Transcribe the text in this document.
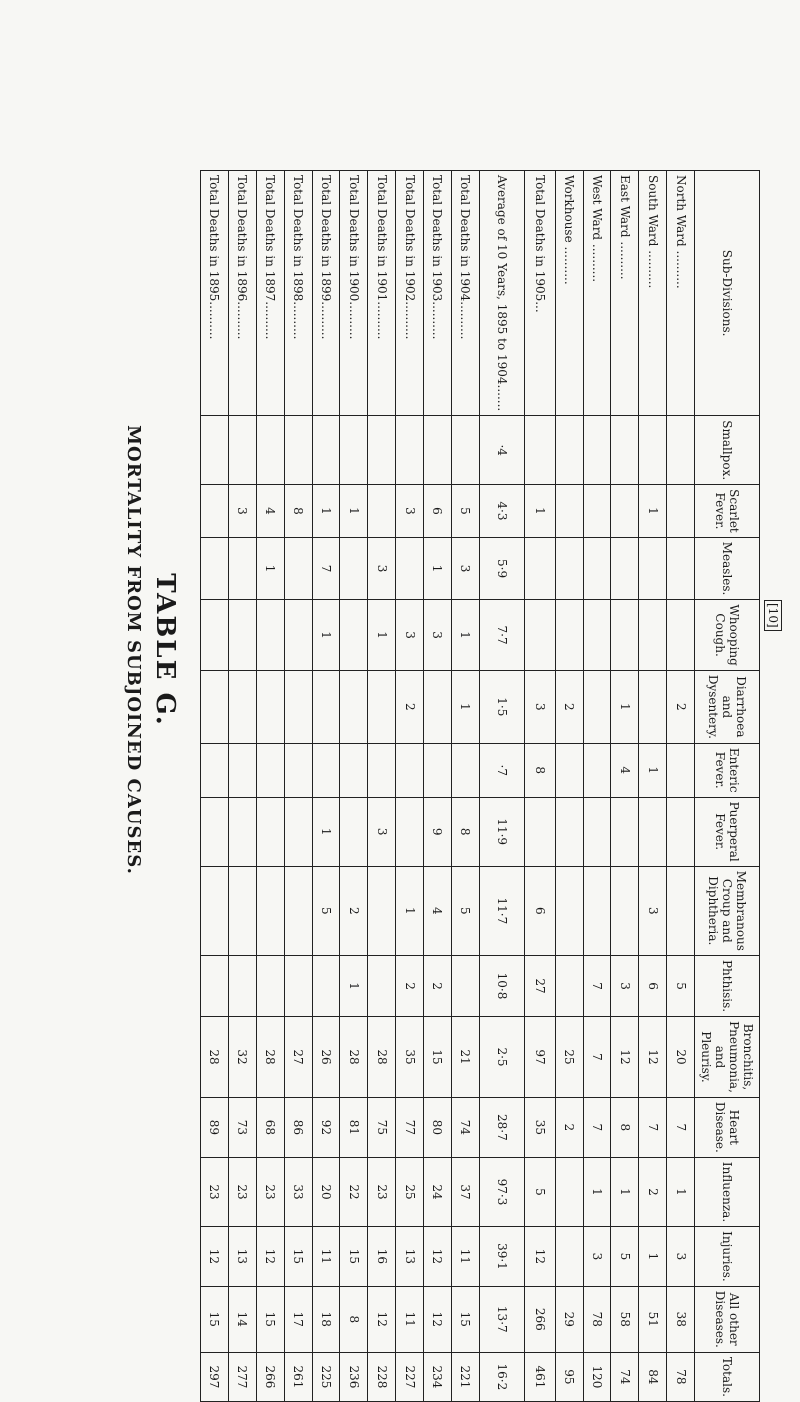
TABLE G.
MORTALITY FROM SUBJOINED CAUSES.
Sub-Divisions.	Smallpox.	Scarlet Fever.	Measles.	Whooping Cough.	Diarrhoea and Dysentery.	Enteric Fever.	Puerperal Fever.	Membranous Croup and Diphtheria.	Phthisis.	Bronchitis, Pneumonia, and Pleurisy.	Heart Disease.	Influenza.	Injuries.	All other Diseases.	Totals.
North Ward ..........					2				5	20	7	1	3	38	78
South Ward ..........		1				1		3	6	12	7	2	1	51	84
East Ward ..........					1	4			3	12	8	1	5	58	74
West Ward ..........									7	7	7	1	3	78	120
Workhouse ..........					2					25	2			29	95
Total Deaths in 1905...		1			3	8		6	27	97	35	5	12	266	461
Average of 10 Years, 1895 to 1904.......	·4	4·3	5·9	7·7	1·5	·7	11·9	11·7	10·8	2·5	28·7	97·3	39·1	13·7	16·2
Total Deaths in 1904..........		5	3	1	1		8	5		21	74	37	11	15	221
Total Deaths in 1903..........		6	1	3			9	4	2	15	80	24	12	12	234
Total Deaths in 1902..........		3		3	2			1	2	35	77	25	13	11	227
Total Deaths in 1901..........			3	1			3			28	75	23	16	12	228
Total Deaths in 1900..........		1						2	1	28	81	22	15	8	236
Total Deaths in 1899..........		1	7	1			1	5		26	92	20	11	18	225
Total Deaths in 1898..........		8								27	86	33	15	17	261
Total Deaths in 1897..........		4	1							28	68	23	12	15	266
Total Deaths in 1896..........		3								32	73	23	13	14	277
Total Deaths in 1895..........										28	89	23	12	15	297
[10]
